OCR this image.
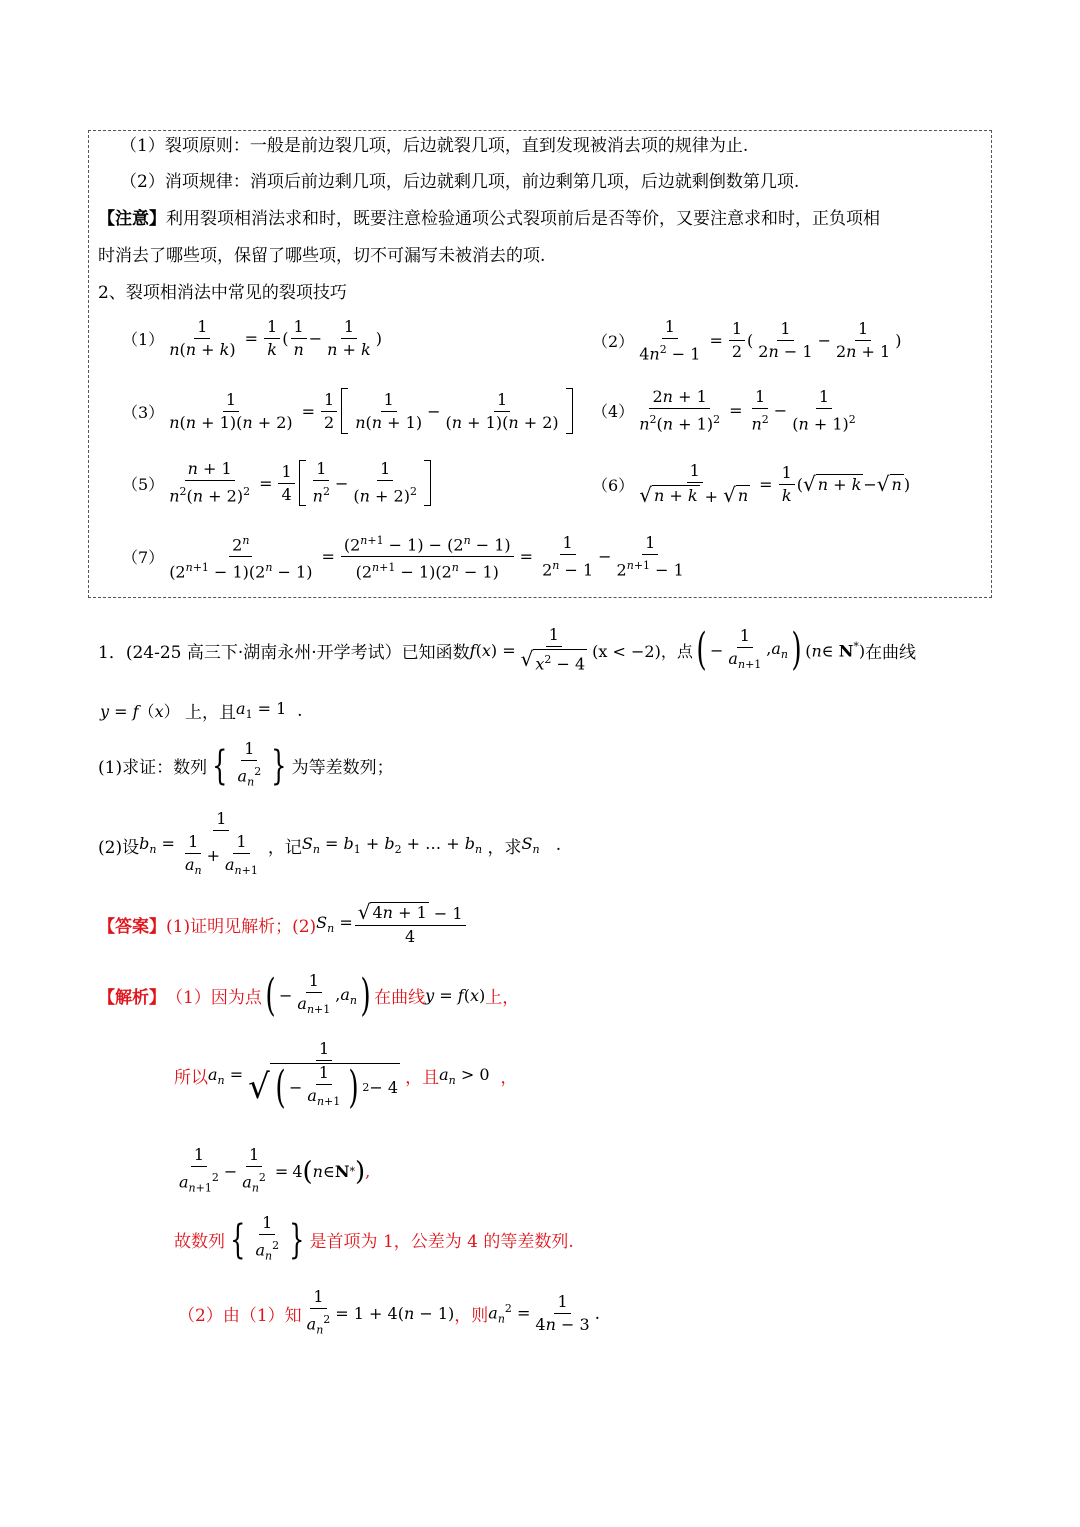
（1）裂项原则：一般是前边裂几项，后边就裂几项，直到发现被消去项的规律为止.
（2）消项规律：消项后前边剩几项，后边就剩几项，前边剩第几项，后边就剩倒数第几项.
【注意】利用裂项相消法求和时，既要注意检验通项公式裂项前后是否等价，又要注意求和时，正负项相
时消去了哪些项，保留了哪些项，切不可漏写未被消去的项.
2、裂项相消法中常见的裂项技巧
$(1) \frac{1}{n(n + k)} = \frac{1}{k}$ ( $\frac{1}{n} - \frac{1}{n + k}$ )	$(2) \frac{1}{4n^2 - 1} = \frac{1}{2}$ ( $\frac{1}{2n - 1} - \frac{1}{2n + 1}$ )
$(3) \frac{1}{n(n + 1)(n + 2)} = \frac{1}{2} \frac{1}{n(n + 1)} - \frac{1}{(n + 1)(n + 2)} (4) \frac{2n + 1}{n^2(n + 1)^2} = \frac{1}{n^2} - \frac{1}{(n + 1)^2}$
$(5) \frac{n + 1}{n^2(n + 2)^2} = \frac{1}{4} \frac{1}{n^2} - \frac{1}{(n + 2)^2}$	$(6) \frac{1}{√ n + k + √ n} = \frac{1}{k}$ ( √ n + k − √ n )
$(7) \frac{2^n}{(2^{n+1} - 1)(2^n - 1)} = \frac{(2^{n+1} - 1) - (2^n - 1)}{(2^{n+1} - 1)(2^n - 1)} = \frac{1}{2^n - 1} - \frac{1}{2^{n+1} - 1}$
1．(24-25 高三下·湖南永州·开学考试）已知函数 $f(x) = \frac{1}{√ x^2 - 4} (x < -2)$，点 ( − $\frac{1}{a_{n+1}} ,a_n$ ) (n∈ N*) 在曲线
y = f（x）
上，且 $a_1 = 1$ .
(1)求证：数列 { $\frac{1}{a_n^2}$ } 为等差数列；
(2)设 $b_n = \frac{1}{\frac{1}{a_n} + \frac{1}{a_{n+1}}}$ ，记 $S_n = b_1 + b_2$ + … + $b_n$
，求 $S_n$
.
【答案】 (1)证明见解析；(2) $S_n = \frac{√ 4n + 1 - 1}{4}$
【解析】 （1）因为点 ( − $\frac{1}{a_{n+1}} ,a_n$ ) 在曲线 y = f(x) 上，
所以 $a_n = \frac{1}{√ ( - \frac{1}{a_{n+1}} ) 2 - 4}$ ，且 $a_n > 0$
，
$\frac{1}{a_{n+1}^2} - \frac{1}{a_n^2} = 4$ ( n ∈ N * ) ,
故数列 { $\frac{1}{a_n^2}$ } 是首项为 1，公差为 4 的等差数列.
（2）由（1）知 $\frac{1}{a_n^2} = 1 + 4(n - 1)$ ，则 $a_n^2 = \frac{1}{4n - 3}$ .
